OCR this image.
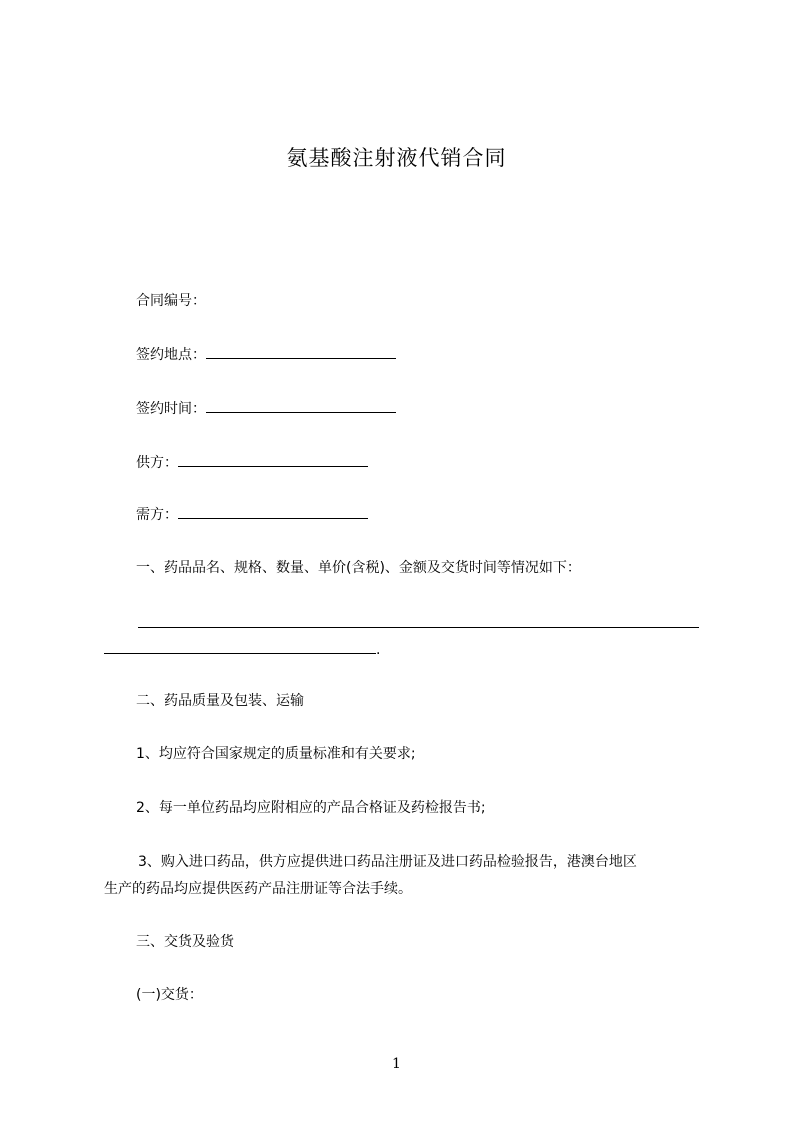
氨基酸注射液代销合同
合同编号：
签约地点：
签约时间：
供方：
需方：
一、药品品名、规格、数量、单价(含税)、金额及交货时间等情况如下：
.
二、药品质量及包装、运输
1、均应符合国家规定的质量标准和有关要求;
2、每一单位药品均应附相应的产品合格证及药检报告书;
3、购入进口药品，供方应提供进口药品注册证及进口药品检验报告，港澳台地区
生产的药品均应提供医药产品注册证等合法手续。
三、交货及验货
(一)交货：
1
